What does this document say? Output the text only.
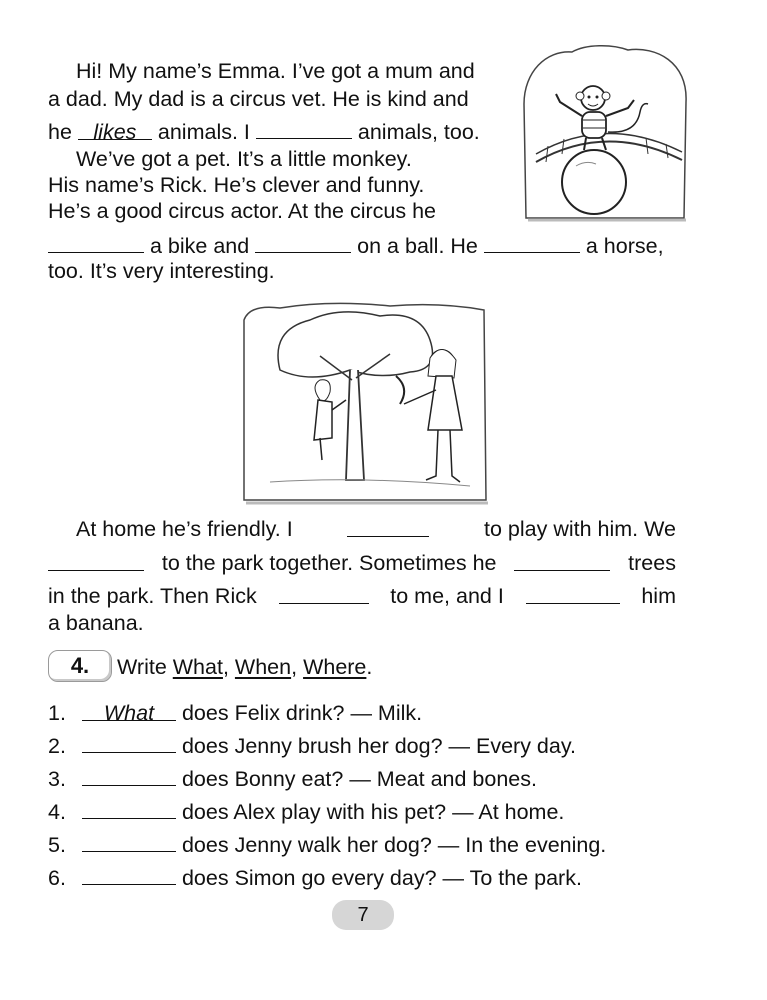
Hi! My name’s Emma. I’ve got a mum and
a dad. My dad is a circus vet. He is kind and
he likes animals. I	animals, too.
We’ve got a pet. It’s a little monkey.
His name’s Rick. He’s clever and funny.
He’s a good circus actor. At the circus he
a bike and	on a ball. He	a horse,
too. It’s very interesting.
At home he’s friendly. I	to play with him. We
to the park together. Sometimes he	trees
in the park. Then Rick	to me, and I	him
a banana.
4.	Write What, When, Where.
1. What does Felix drink? — Milk.
2.	does Jenny brush her dog? — Every day.
3.	does Bonny eat? — Meat and bones.
4.	does Alex play with his pet? — At home.
5.	does Jenny walk her dog? — In the evening.
6.	does Simon go every day? — To the park.
7
